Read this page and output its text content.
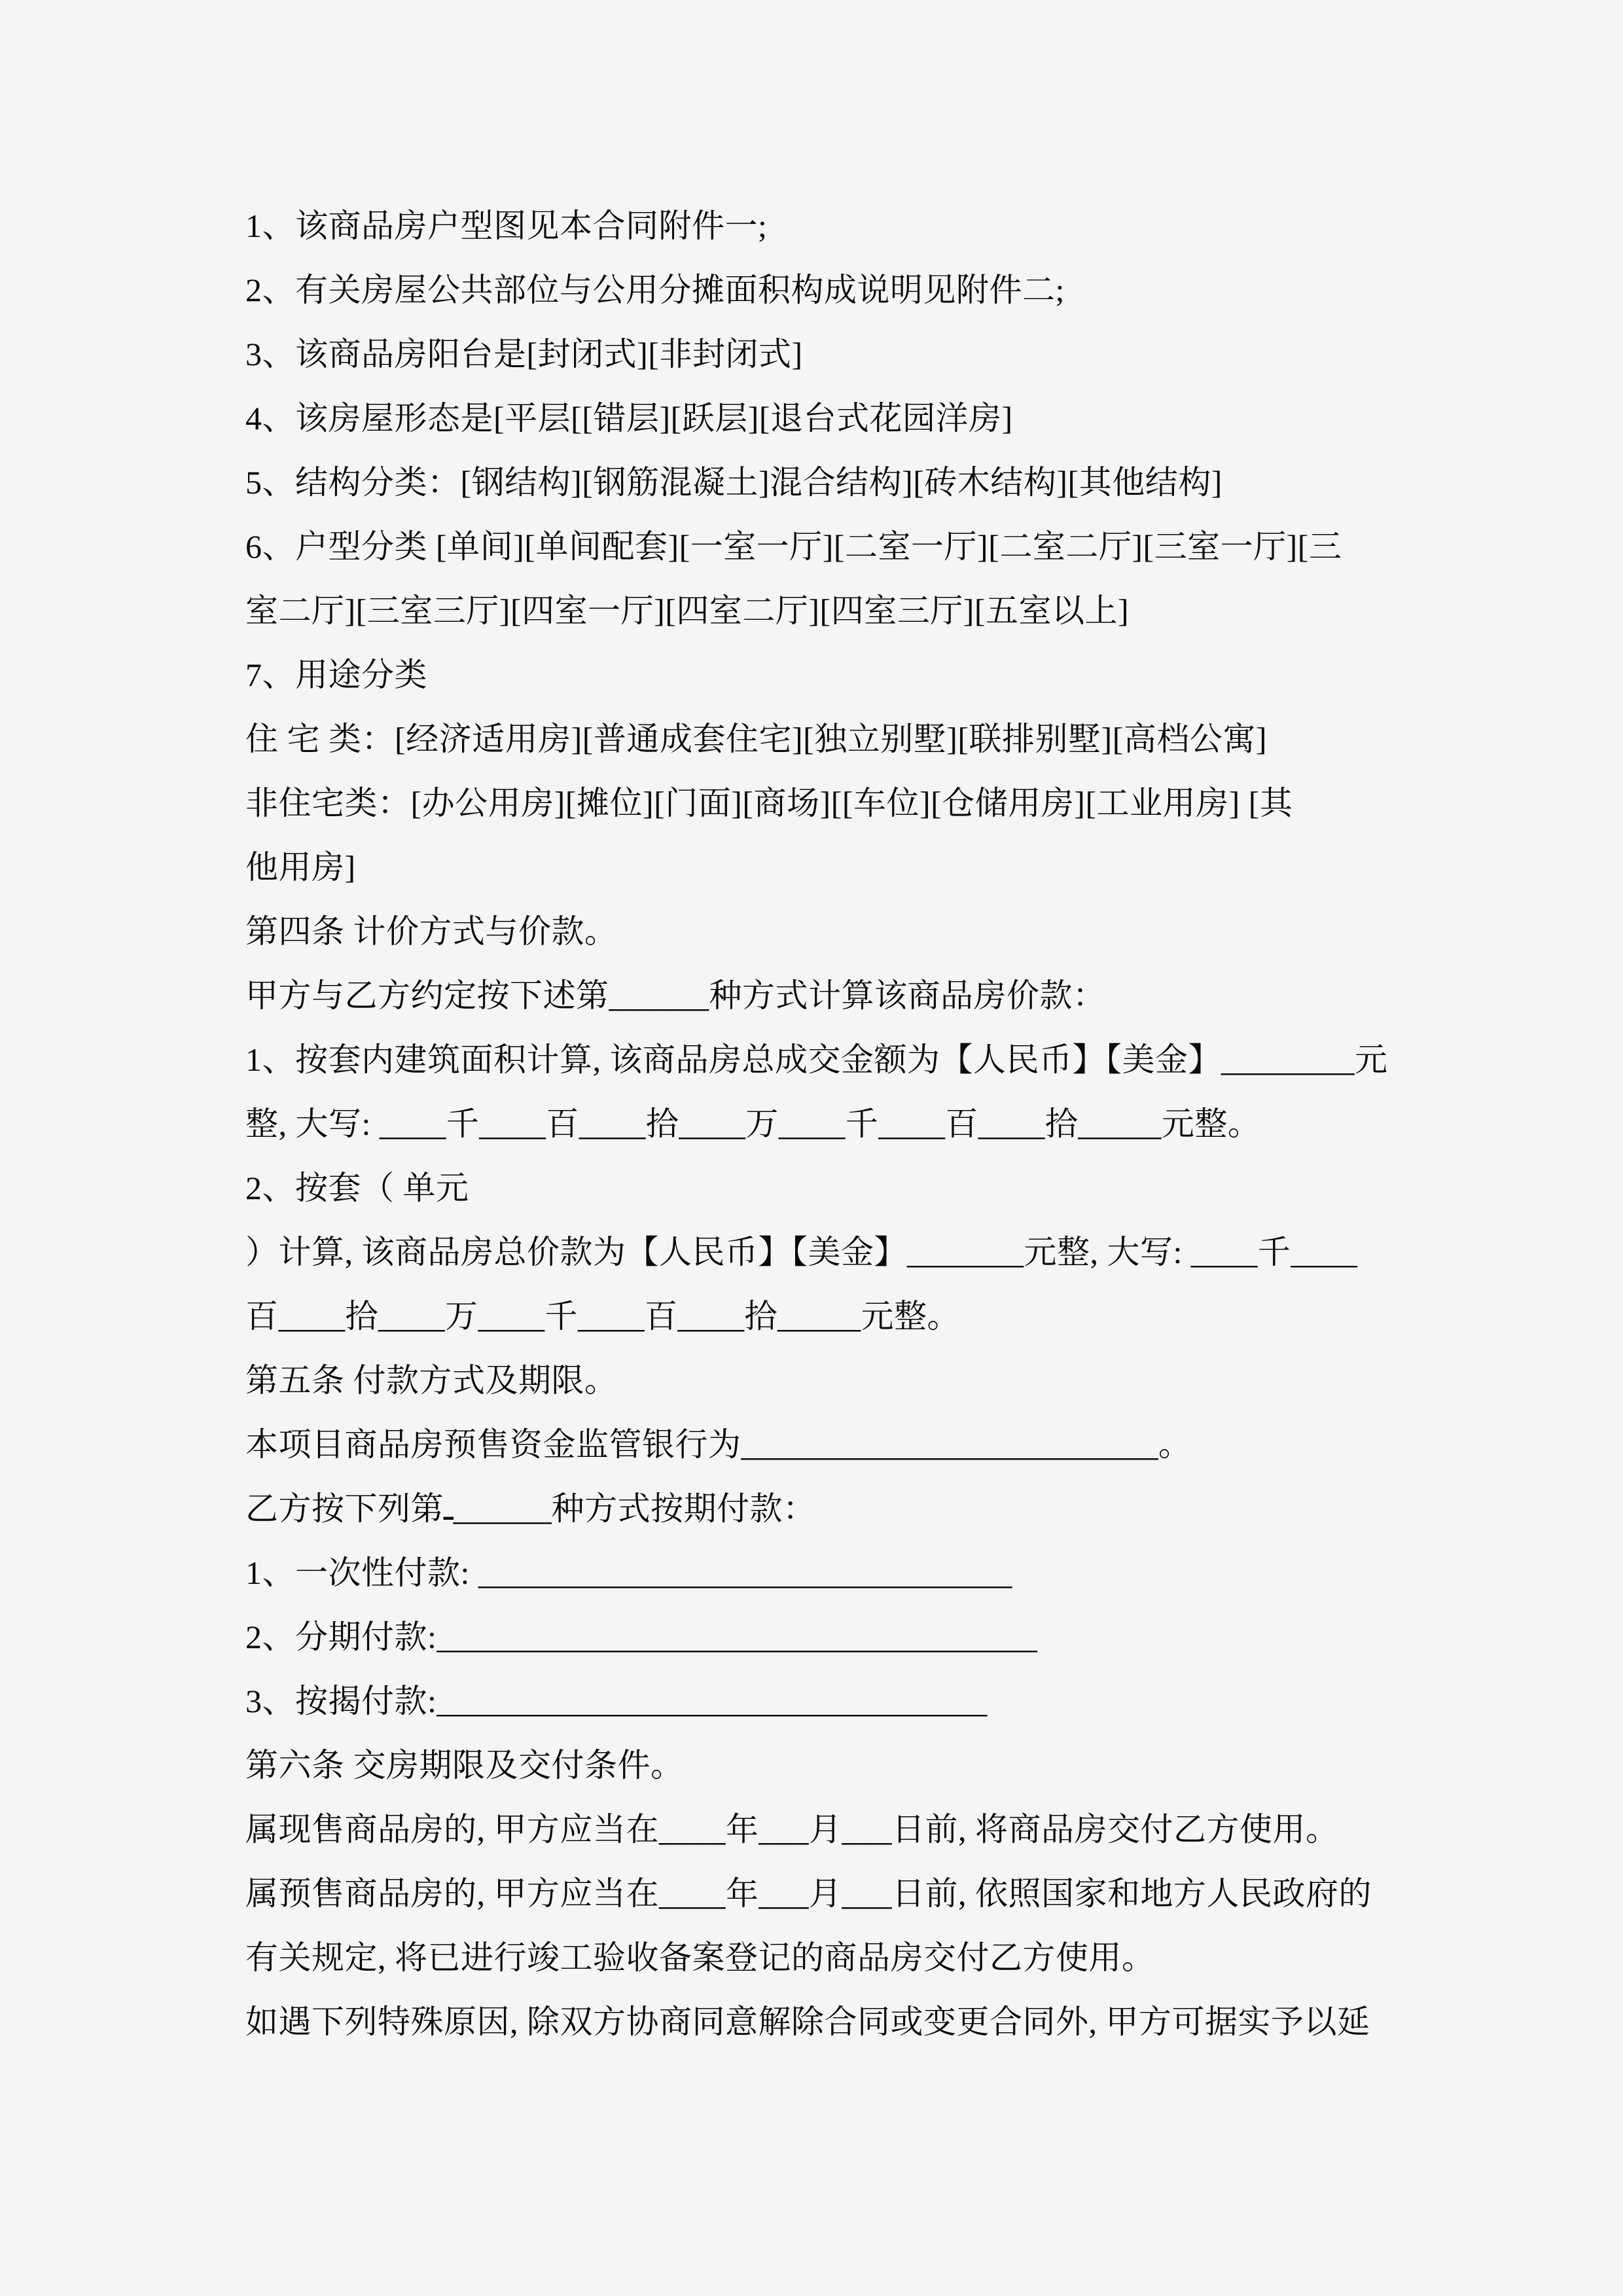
1、该商品房户型图见本合同附件一;
2、有关房屋公共部位与公用分摊面积构成说明见附件二;
3、该商品房阳台是[封闭式][非封闭式]
4、该房屋形态是[平层[[错层][跃层][退台式花园洋房]
5、结构分类：[钢结构][钢筋混凝土]混合结构][砖木结构][其他结构]
6、户型分类 [单间][单间配套][一室一厅][二室一厅][二室二厅][三室一厅][三
室二厅][三室三厅][四室一厅][四室二厅][四室三厅][五室以上]
7、用途分类
住 宅 类：[经济适用房][普通成套住宅][独立别墅][联排别墅][高档公寓]
非住宅类：[办公用房][摊位][门面][商场][[车位][仓储用房][工业用房] [其
他用房]
第四条 计价方式与价款。
甲方与乙方约定按下述第______种方式计算该商品房价款：
1、按套内建筑面积计算, 该商品房总成交金额为【人民币】【美金】________元
整, 大写: ____千____百____拾____万____千____百____拾_____元整。
2、按套（ 单元
）计算, 该商品房总价款为【人民币】【美金】_______元整, 大写: ____千____
百____拾____万____千____百____拾_____元整。
第五条 付款方式及期限。
本项目商品房预售资金监管银行为_________________________。
乙方按下列第ـ______种方式按期付款：
1、一次性付款: ________________________________
2、分期付款:____________________________________
3、按揭付款:_________________________________
第六条 交房期限及交付条件。
属现售商品房的, 甲方应当在____年___月___日前, 将商品房交付乙方使用。
属预售商品房的, 甲方应当在____年___月___日前, 依照国家和地方人民政府的
有关规定, 将已进行竣工验收备案登记的商品房交付乙方使用。
如遇下列特殊原因, 除双方协商同意解除合同或变更合同外, 甲方可据实予以延
